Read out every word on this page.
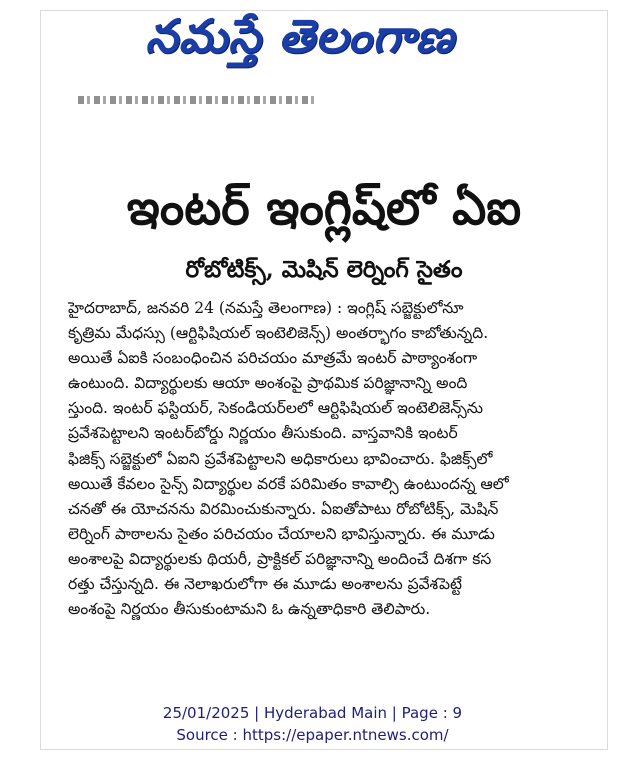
నమస్తే తెలంగాణ
ఇంటర్ ఇంగ్లిష్‌లో ఏఐ
రోబోటిక్స్, మెషిన్ లెర్నింగ్ సైతం
హైదరాబాద్, జనవరి 24 (నమస్తే తెలంగాణ) : ఇంగ్లిష్ సబ్జెక్టులోనూ
కృత్రిమ మేధస్సు (ఆర్టిఫిషియల్ ఇంటెలిజెన్స్) అంతర్భాగం కాబోతున్నది.
అయితే ఏఐకి సంబంధించిన పరిచయం మాత్రమే ఇంటర్ పాఠ్యాంశంగా
ఉంటుంది. విద్యార్థులకు ఆయా అంశంపై ప్రాథమిక పరిజ్ఞానాన్ని అంది
స్తుంది. ఇంటర్ ఫస్టియర్, సెకండియర్‌లలో ఆర్టిఫిషియల్ ఇంటెలిజెన్స్‌ను
ప్రవేశపెట్టాలని ఇంటర్‌బోర్డు నిర్ణయం తీసుకుంది. వాస్తవానికి ఇంటర్
ఫిజిక్స్ సబ్జెక్టులో ఏఐని ప్రవేశపెట్టాలని అధికారులు భావించారు. ఫిజిక్స్‌లో
అయితే కేవలం సైన్స్ విద్యార్థుల వరకే పరిమితం కావాల్సి ఉంటుందన్న ఆలో
చనతో ఈ యోచనను విరమించుకున్నారు. ఏఐతోపాటు రోబోటిక్స్, మెషిన్
లెర్నింగ్ పాఠాలను సైతం పరిచయం చేయాలని భావిస్తున్నారు. ఈ మూడు
అంశాలపై విద్యార్థులకు థియరీ, ప్రాక్టికల్ పరిజ్ఞానాన్ని అందించే దిశగా కస
రత్తు చేస్తున్నది. ఈ నెలాఖరులోగా ఈ మూడు అంశాలను ప్రవేశపెట్టే
అంశంపై నిర్ణయం తీసుకుంటామని ఓ ఉన్నతాధికారి తెలిపారు.
25/01/2025 | Hyderabad Main | Page : 9
Source : https://epaper.ntnews.com/
